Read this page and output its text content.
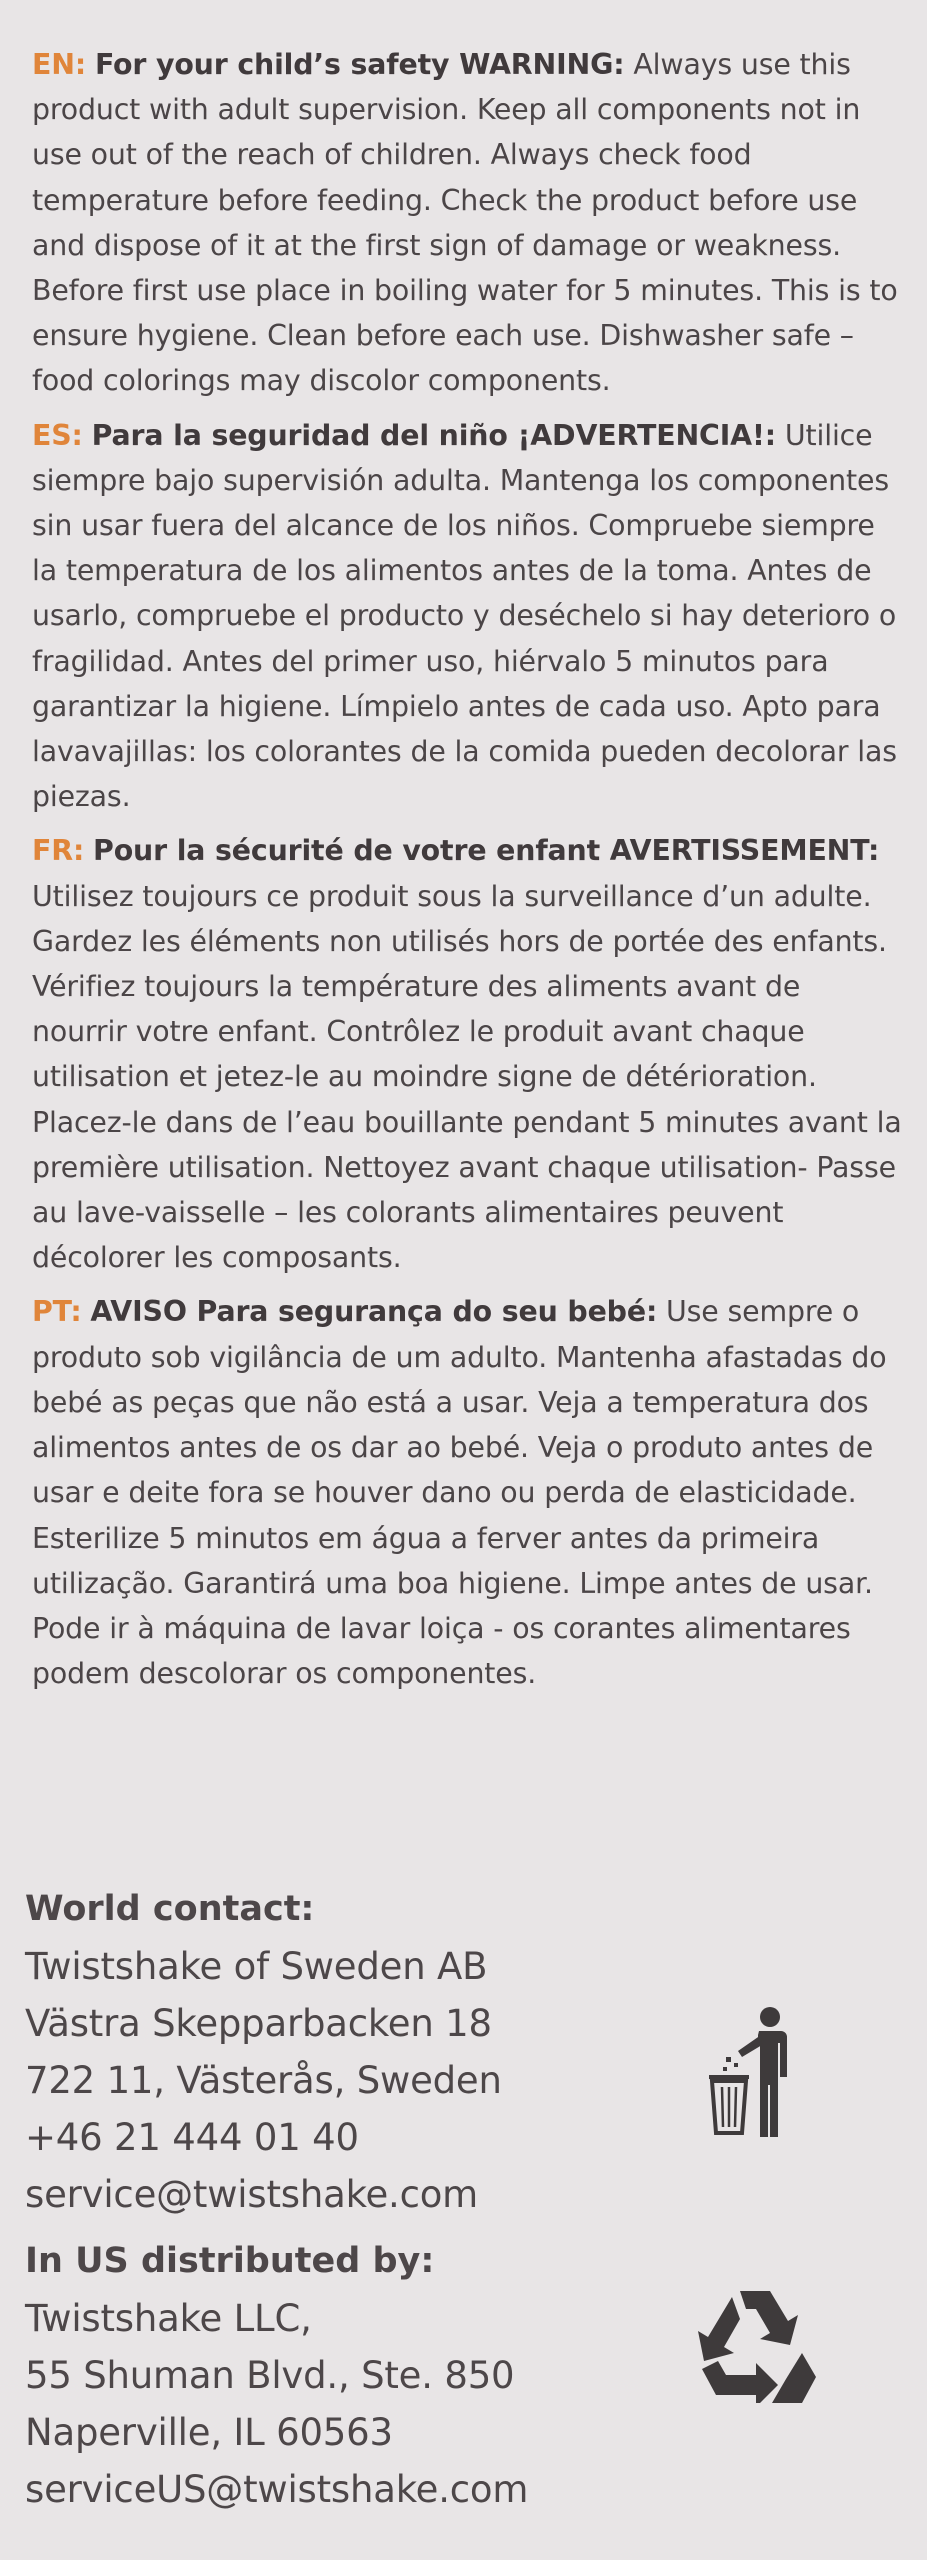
EN: For your child’s safety WARNING: Always use this product with adult supervision. Keep all components not in use out of the reach of children. Always check food temperature before feeding. Check the product before use and dispose of it at the first sign of damage or weakness. Before first use place in boiling water for 5 minutes. This is to ensure hygiene. Clean before each use. Dishwasher safe – food colorings may discolor components.

ES: Para la seguridad del niño ¡ADVERTENCIA!: Utilice siempre bajo supervisión adulta. Mantenga los componentes sin usar fuera del alcance de los niños. Compruebe siempre la temperatura de los alimentos antes de la toma. Antes de usarlo, compruebe el producto y deséchelo si hay deterioro o fragilidad. Antes del primer uso, hiérvalo 5 minutos para garantizar la higiene. Límpielo antes de cada uso. Apto para lavavajillas: los colorantes de la comida pueden decolorar las piezas.

FR: Pour la sécurité de votre enfant AVERTISSEMENT: Utilisez toujours ce produit sous la surveillance d’un adulte. Gardez les éléments non utilisés hors de portée des enfants. Vérifiez toujours la température des aliments avant de nourrir votre enfant. Contrôlez le produit avant chaque utilisation et jetez-le au moindre signe de détérioration. Placez-le dans de l’eau bouillante pendant 5 minutes avant la première utilisation. Nettoyez avant chaque utilisation- Passe au lave-vaisselle – les colorants alimentaires peuvent décolorer les composants.

PT: AVISO Para segurança do seu bebé: Use sempre o produto sob vigilância de um adulto. Mantenha afastadas do bebé as peças que não está a usar. Veja a temperatura dos alimentos antes de os dar ao bebé. Veja o produto antes de usar e deite fora se houver dano ou perda de elasticidade. Esterilize 5 minutos em água a ferver antes da primeira utilização. Garantirá uma boa higiene. Limpe antes de usar. Pode ir à máquina de lavar loiça - os corantes alimentares podem descolorar os componentes.

World contact:
Twistshake of Sweden AB
Västra Skepparbacken 18
722 11, Västerås, Sweden
+46 21 444 01 40
service@twistshake.com
In US distributed by:
Twistshake LLC,
55 Shuman Blvd., Ste. 850
Naperville, IL 60563
serviceUS@twistshake.com
